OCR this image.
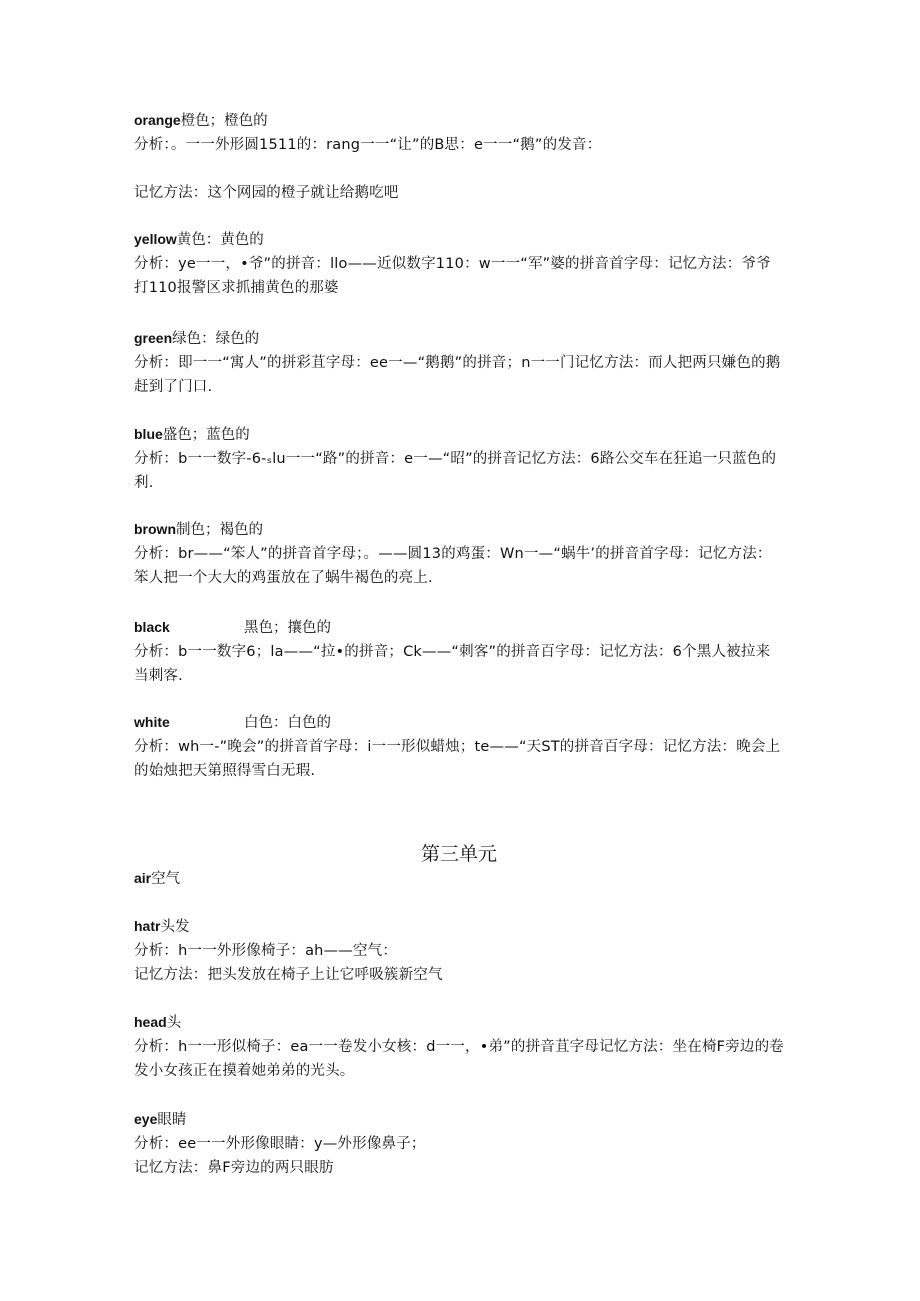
orange橙色；橙色的
分析：。一一外形圆1511的：rang一一“让”的B思：e一一“鹅”的发音：
记忆方法：这个网园的橙子就让给鹅吃吧
yellow黄色：黄色的
分析：ye一一，•爷”的拼音：llo——近似数字110：w一一“军”婆的拼音首字母：记忆方法：爷爷打110报警区求抓捕黄色的那婆
green绿色：绿色的
分析：即一一“寓人”的拼彩苴字母：ee一—“鹅鹅”的拼音；n一一门记忆方法：而人把两只嫌色的鹅赶到了门口.
blue盛色；蓝色的
分析：b一一数字-6-ₛlu一一“路”的拼音：e一—“昭”的拼音记忆方法：6路公交车在狂追一只蓝色的利.
brown制色；褐色的
分析：br——“笨人”的拼音首字母；。——圆13的鸡蛋：Wn一—“蜗牛’的拼音首字母：记忆方法：笨人把一个大大的鸡蛋放在了蜗牛褐色的亮上.
black	黑色；攘色的
分析：b一一数字6；la——“拉•的拼音；Ck——“刺客”的拼音百字母：记忆方法：6个黑人被拉来当刺客.
white	白色：白色的
分析：wh一-”晚会”的拼音首字母：i一一形似蜡烛；te——“天ST的拼音百字母：记忆方法：晚会上的始烛把天第照得雪白无瑕.
第三单元
air空气
hatr头发
分析：h一一外形像椅子：ah——空气：
记忆方法：把头发放在椅子上让它呼吸簇新空气
head头
分析：h一一形似椅子：ea一一卷发小女核：d一一，•弟”的拼音苴字母记忆方法：坐在椅F旁边的卷发小女孩正在摸着她弟弟的光头。
eye眼睛
分析：ee一一外形像眼睛：y—外形像鼻子；
记忆方法：鼻F旁边的两只眼肪
